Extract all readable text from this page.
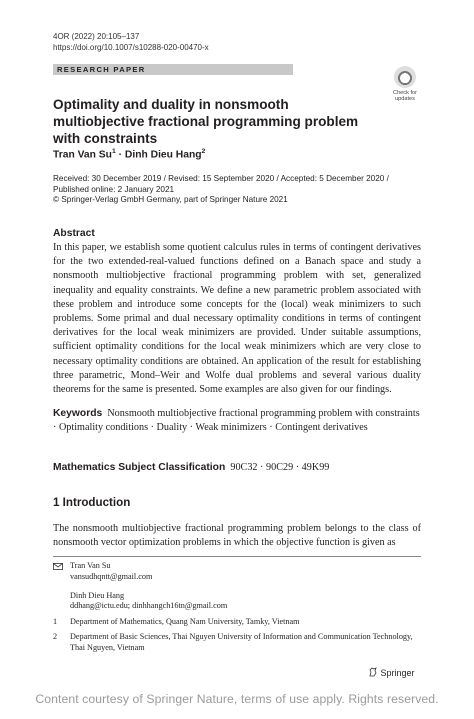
4OR (2022) 20:105–137
https://doi.org/10.1007/s10288-020-00470-x
RESEARCH PAPER
Check for updates
Optimality and duality in nonsmooth multiobjective fractional programming problem with constraints
Tran Van $Su^1$ · Dinh Dieu Hang$^2$
Received: 30 December 2019 / Revised: 15 September 2020 / Accepted: 5 December 2020 /
Published online: 2 January 2021
© Springer-Verlag GmbH Germany, part of Springer Nature 2021
Abstract
In this paper, we establish some quotient calculus rules in terms of contingent derivatives for the two extended-real-valued functions defined on a Banach space and study a nonsmooth multiobjective fractional programming problem with set, generalized inequality and equality constraints. We define a new parametric problem associated with these problem and introduce some concepts for the (local) weak minimizers to such problems. Some primal and dual necessary optimality conditions in terms of contingent derivatives for the local weak minimizers are provided. Under suitable assumptions, sufficient optimality conditions for the local weak minimizers which are very close to necessary optimality conditions are obtained. An application of the result for establishing three parametric, Mond–Weir and Wolfe dual problems and several various duality theorems for the same is presented. Some examples are also given for our findings.
Keywords Nonsmooth multiobjective fractional programming problem with constraints · Optimality conditions · Duality · Weak minimizers · Contingent derivatives
Mathematics Subject Classification 90C32 · 90C29 · 49K99
1 Introduction
The nonsmooth multiobjective fractional programming problem belongs to the class of nonsmooth vector optimization problems in which the objective function is given as
Tran Van Su
vansudhqntt@gmail.com
Dinh Dieu Hang
ddhang@ictu.edu; dinhhangch16tn@gmail.com
1 Department of Mathematics, Quang Nam University, Tamky, Vietnam
2 Department of Basic Sciences, Thai Nguyen University of Information and Communication Technology, Thai Nguyen, Vietnam
Springer
Content courtesy of Springer Nature, terms of use apply. Rights reserved.
